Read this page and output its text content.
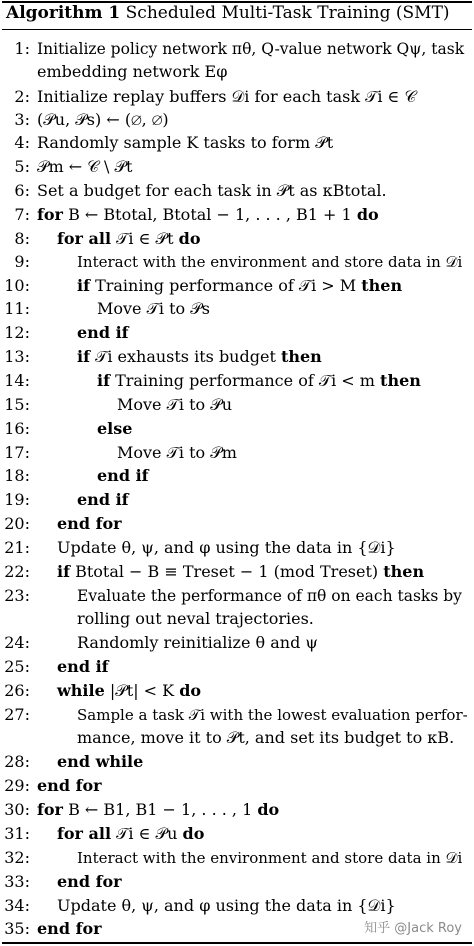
Algorithm 1 Scheduled Multi-Task Training (SMT)
1: Initialize policy network πθ, Q-value network Qψ, task
embedding network Eφ
2: Initialize replay buffers 𝒟i for each task 𝒯i ∈ 𝒞
3: (𝒫u, 𝒫s) ← (∅, ∅)
4: Randomly sample K tasks to form 𝒫t
5: 𝒫m ← 𝒞 \ 𝒫t
6: Set a budget for each task in 𝒫t as κBtotal.
7: for B ← Btotal, Btotal − 1, . . . , B1 + 1 do
8: for all 𝒯i ∈ 𝒫t do
9:	Interact with the environment and store data in 𝒟i
10:	if Training performance of 𝒯i > M then
11:	Move 𝒯i to 𝒫s
12:	end if
13:	if 𝒯i exhausts its budget then
14:	if Training performance of 𝒯i < m then
15:	Move 𝒯i to 𝒫u
16:	else
17:	Move 𝒯i to 𝒫m
18:	end if
19:	end if
20: end for
21: Update θ, ψ, and φ using the data in {𝒟i}
22: if Btotal − B ≡ Treset − 1 (mod Treset) then
23:	Evaluate the performance of πθ on each tasks by
rolling out neval trajectories.
24:	Randomly reinitialize θ and ψ
25: end if
26: while |𝒫t| < K do
27:	Sample a task 𝒯i with the lowest evaluation perfor-
mance, move it to 𝒫t, and set its budget to κB.
28: end while
29: end for
30: for B ← B1, B1 − 1, . . . , 1 do
31: for all 𝒯i ∈ 𝒫u do
32:	Interact with the environment and store data in 𝒟i
33: end for
34: Update θ, ψ, and φ using the data in {𝒟i}
35: end for	知乎 @Jack Roy
